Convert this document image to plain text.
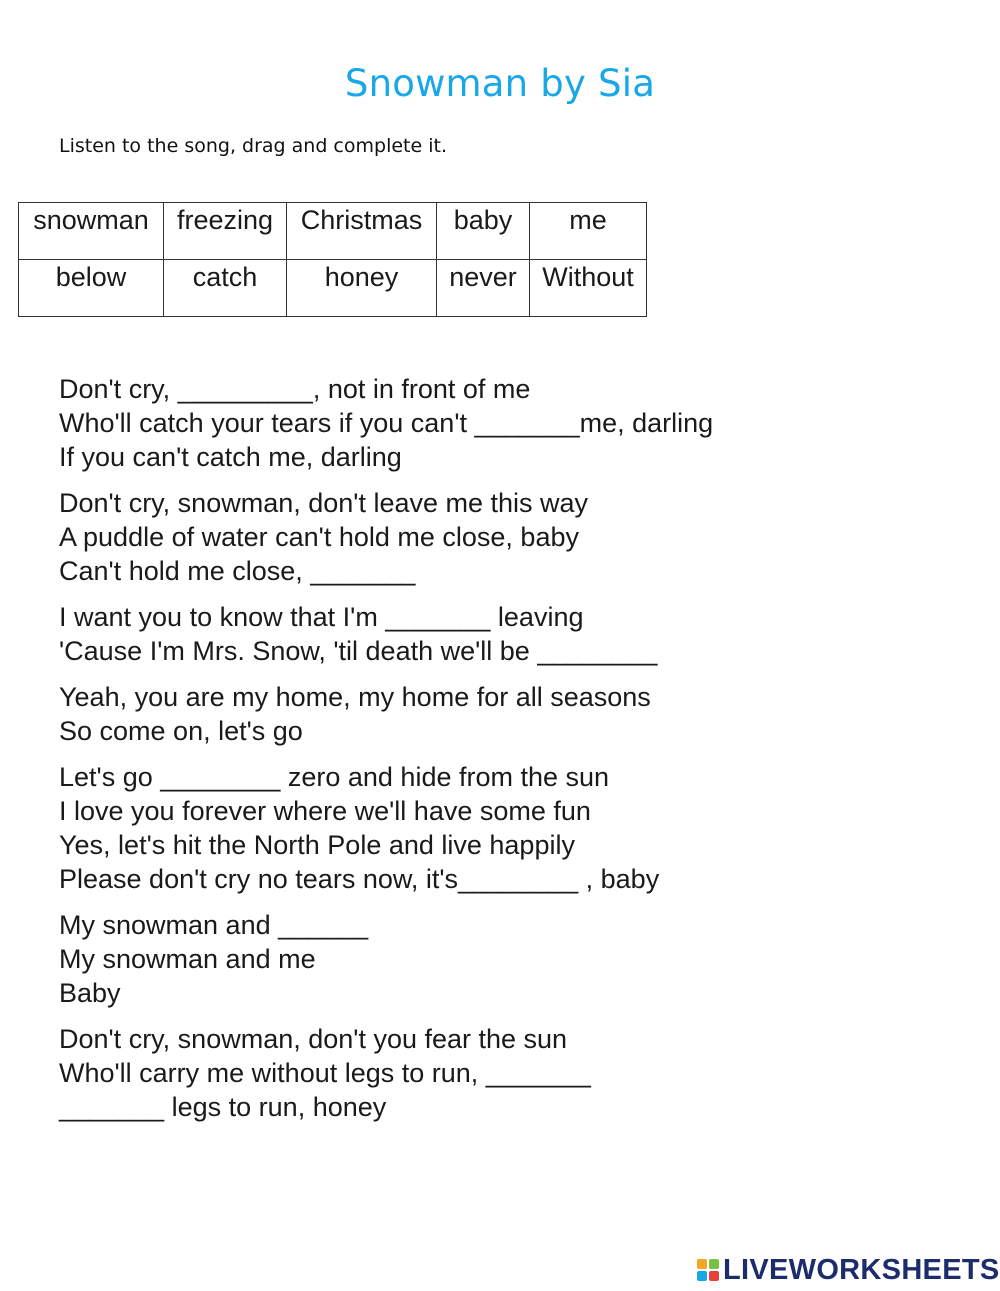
Snowman by Sia
Listen to the song, drag and complete it.
snowman	freezing	Christmas	baby	me
below	catch	honey	never	Without
Don't cry, _________, not in front of me
Who'll catch your tears if you can't _______me, darling
If you can't catch me, darling
Don't cry, snowman, don't leave me this way
A puddle of water can't hold me close, baby
Can't hold me close, _______
I want you to know that I'm _______ leaving
'Cause I'm Mrs. Snow, 'til death we'll be ________
Yeah, you are my home, my home for all seasons
So come on, let's go
Let's go ________ zero and hide from the sun
I love you forever where we'll have some fun
Yes, let's hit the North Pole and live happily
Please don't cry no tears now, it's________ , baby
My snowman and ______
My snowman and me
Baby
Don't cry, snowman, don't you fear the sun
Who'll carry me without legs to run, _______
_______ legs to run, honey
LIVEWORKSHEETS
